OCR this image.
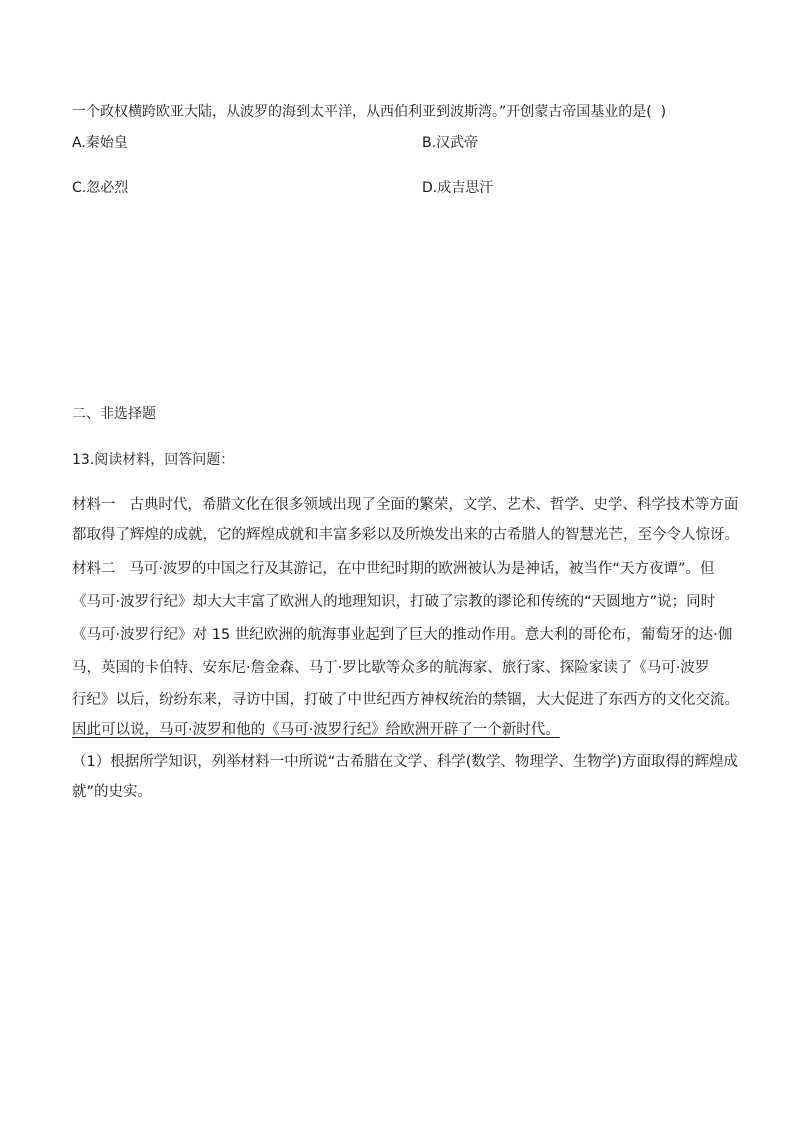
一个政权横跨欧亚大陆，从波罗的海到太平洋，从西伯利亚到波斯湾。”开创蒙古帝国基业的是(  )
A.秦始皇	B.汉武帝
C.忽必烈	D.成吉思汗
二、非选择题
13.阅读材料，回答问题：
材料一   古典时代，希腊文化在很多领域出现了全面的繁荣，文学、艺术、哲学、史学、科学技术等方面
都取得了辉煌的成就，它的辉煌成就和丰富多彩以及所焕发出来的古希腊人的智慧光芒，至今令人惊讶。
材料二   马可·波罗的中国之行及其游记，在中世纪时期的欧洲被认为是神话，被当作“天方夜谭”。但
《马可·波罗行纪》却大大丰富了欧洲人的地理知识，打破了宗教的谬论和传统的“天圆地方”说；同时
《马可·波罗行纪》对 15 世纪欧洲的航海事业起到了巨大的推动作用。意大利的哥伦布，葡萄牙的达·伽
马，英国的卡伯特、安东尼·詹金森、马丁·罗比歇等众多的航海家、旅行家、探险家读了《马可·波罗
行纪》以后，纷纷东来，寻访中国，打破了中世纪西方神权统治的禁锢，大大促进了东西方的文化交流。
因此可以说，马可·波罗和他的《马可·波罗行纪》给欧洲开辟了一个新时代。
（1）根据所学知识，列举材料一中所说“古希腊在文学、科学(数学、物理学、生物学)方面取得的辉煌成
就”的史实。
